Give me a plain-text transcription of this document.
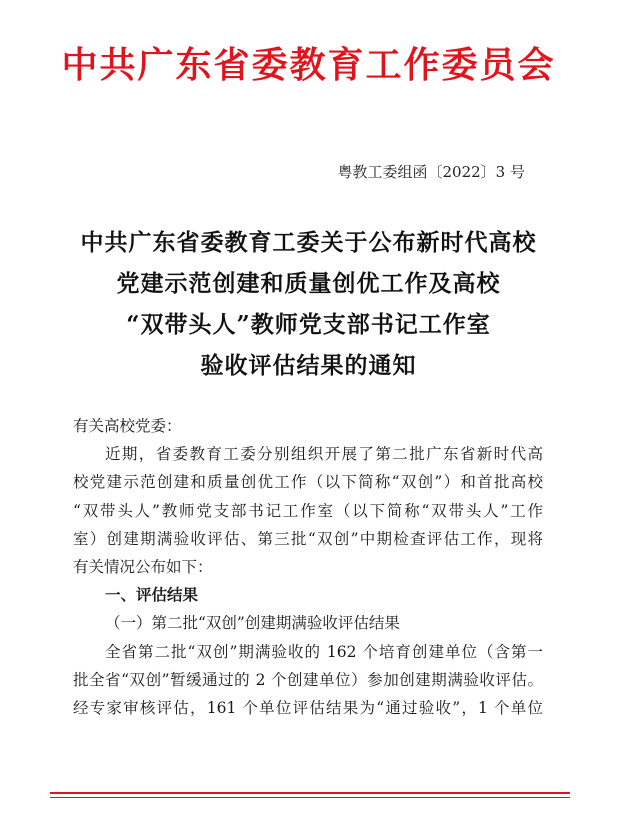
中共广东省委教育工作委员会
粤教工委组函〔2022〕3 号
中共广东省委教育工委关于公布新时代高校
党建示范创建和质量创优工作及高校
“双带头人”教师党支部书记工作室
验收评估结果的通知
有关高校党委：
近期，省委教育工委分别组织开展了第二批广东省新时代高
校党建示范创建和质量创优工作（以下简称“双创”）和首批高校
“双带头人”教师党支部书记工作室（以下简称“双带头人”工作
室）创建期满验收评估、第三批“双创”中期检查评估工作，现将
有关情况公布如下：
一、评估结果
（一）第二批“双创”创建期满验收评估结果
全省第二批“双创”期满验收的 162 个培育创建单位（含第一
批全省“双创”暂缓通过的 2 个创建单位）参加创建期满验收评估。
经专家审核评估，161 个单位评估结果为“通过验收”，1 个单位
